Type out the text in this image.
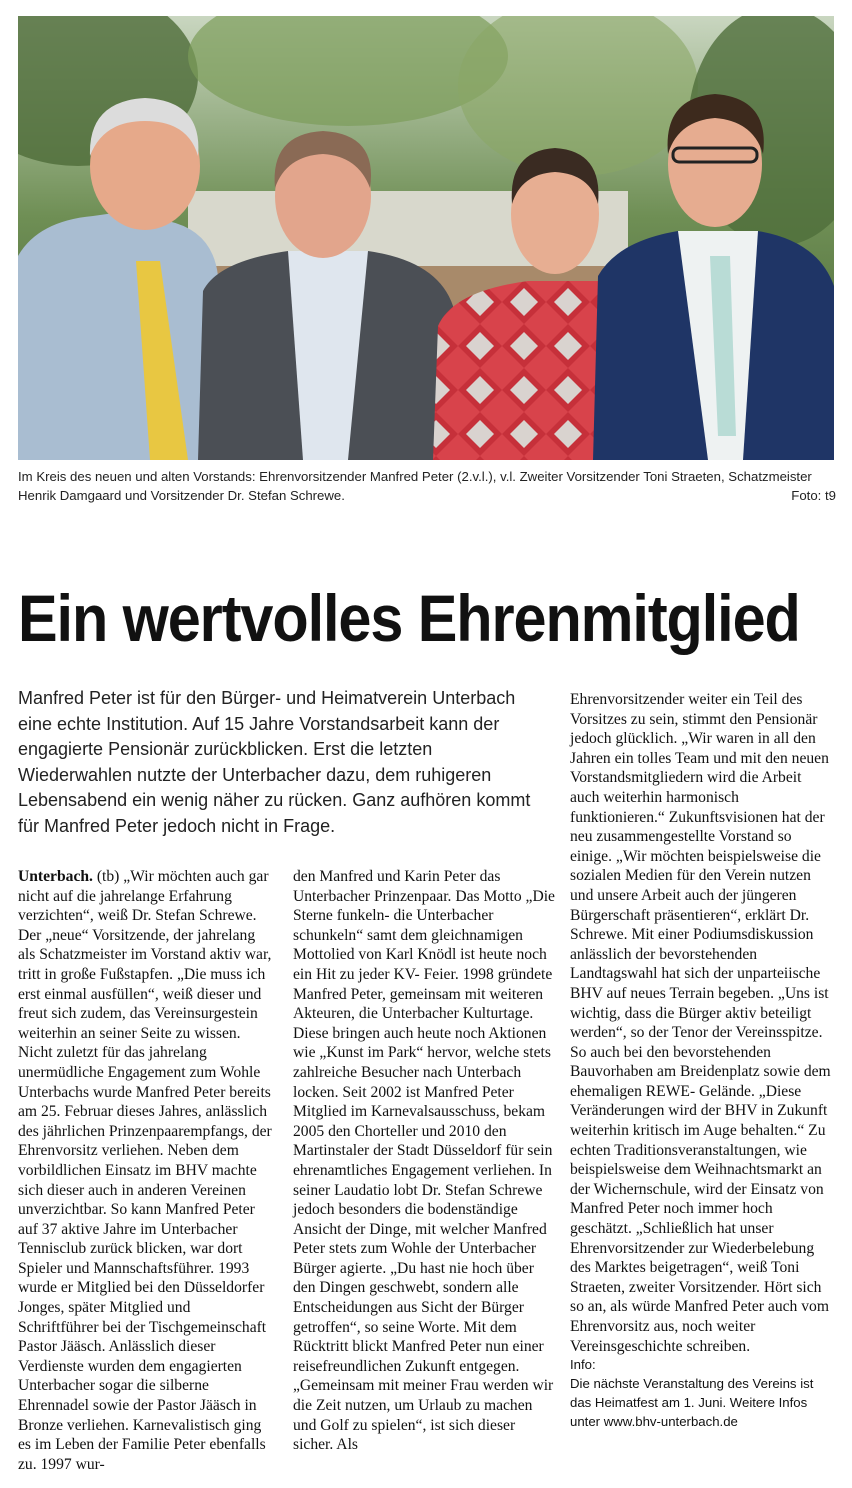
Im Kreis des neuen und alten Vorstands: Ehrenvorsitzender Manfred Peter (2.v.l.), v.l. Zweiter Vorsitzender Toni Straeten, Schatzmeister Henrik Damgaard und Vorsitzender Dr. Stefan Schrewe.	Foto: t9
Ein wertvolles Ehrenmitglied
Manfred Peter ist für den Bürger- und Heimatverein Unterbach eine echte Institution. Auf 15 Jahre Vorstandsarbeit kann der engagierte Pensionär zurückblicken. Erst die letzten Wiederwahlen nutzte der Unterbacher dazu, dem ruhigeren Lebensabend ein wenig näher zu rücken. Ganz aufhören kommt für Manfred Peter jedoch nicht in Frage.

Unterbach. (tb) „Wir möchten auch gar nicht auf die jahrelange Erfahrung verzichten“, weiß Dr. Stefan Schrewe. Der „neue“ Vorsitzende, der jahrelang als Schatzmeister im Vorstand aktiv war, tritt in große Fußstapfen. „Die muss ich erst einmal ausfüllen“, weiß dieser und freut sich zudem, das Vereinsurgestein weiterhin an seiner Seite zu wissen. Nicht zuletzt für das jahrelang unermüdliche Engagement zum Wohle Unterbachs wurde Manfred Peter bereits am 25. Februar dieses Jahres, anlässlich des jährlichen Prinzenpaarempfangs, der Ehrenvorsitz verliehen. Neben dem vorbildlichen Einsatz im BHV machte sich dieser auch in anderen Vereinen unverzichtbar. So kann Manfred Peter auf 37 aktive Jahre im Unterbacher Tennisclub zurück blicken, war dort Spieler und Mannschaftsführer. 1993 wurde er Mitglied bei den Düsseldorfer Jonges, später Mitglied und Schriftführer bei der Tischgemeinschaft Pastor Jääsch. Anlässlich dieser Verdienste wurden dem engagierten Unterbacher sogar die silberne Ehrennadel sowie der Pastor Jääsch in Bronze verliehen. Karnevalistisch ging es im Leben der Familie Peter ebenfalls zu. 1997 wur-

den Manfred und Karin Peter das Unterbacher Prinzenpaar. Das Motto „Die Sterne funkeln- die Unterbacher schunkeln“ samt dem gleichnamigen Mottolied von Karl Knödl ist heute noch ein Hit zu jeder KV- Feier. 1998 gründete Manfred Peter, gemeinsam mit weiteren Akteuren, die Unterbacher Kulturtage. Diese bringen auch heute noch Aktionen wie „Kunst im Park“ hervor, welche stets zahlreiche Besucher nach Unterbach locken. Seit 2002 ist Manfred Peter Mitglied im Karnevalsausschuss, bekam 2005 den Chorteller und 2010 den Martinstaler der Stadt Düsseldorf für sein ehrenamtliches Engagement verliehen. In seiner Laudatio lobt Dr. Stefan Schrewe jedoch besonders die bodenständige Ansicht der Dinge, mit welcher Manfred Peter stets zum Wohle der Unterbacher Bürger agierte. „Du hast nie hoch über den Dingen geschwebt, sondern alle Entscheidungen aus Sicht der Bürger getroffen“, so seine Worte. Mit dem Rücktritt blickt Manfred Peter nun einer reisefreundlichen Zukunft entgegen. „Gemeinsam mit meiner Frau werden wir die Zeit nutzen, um Urlaub zu machen und Golf zu spielen“, ist sich dieser sicher. Als

Ehrenvorsitzender weiter ein Teil des Vorsitzes zu sein, stimmt den Pensionär jedoch glücklich. „Wir waren in all den Jahren ein tolles Team und mit den neuen Vorstandsmitgliedern wird die Arbeit auch weiterhin harmonisch funktionieren.“ Zukunftsvisionen hat der neu zusammengestellte Vorstand so einige. „Wir möchten beispielsweise die sozialen Medien für den Verein nutzen und unsere Arbeit auch der jüngeren Bürgerschaft präsentieren“, erklärt Dr. Schrewe. Mit einer Podiumsdiskussion anlässlich der bevorstehenden Landtagswahl hat sich der unparteiische BHV auf neues Terrain begeben. „Uns ist wichtig, dass die Bürger aktiv beteiligt werden“, so der Tenor der Vereinsspitze. So auch bei den bevorstehenden Bauvorhaben am Breidenplatz sowie dem ehemaligen REWE- Gelände. „Diese Veränderungen wird der BHV in Zukunft weiterhin kritisch im Auge behalten.“ Zu echten Traditionsveranstaltungen, wie beispielsweise dem Weihnachtsmarkt an der Wichernschule, wird der Einsatz von Manfred Peter noch immer hoch geschätzt. „Schließlich hat unser Ehrenvorsitzender zur Wiederbelebung des Marktes beigetragen“, weiß Toni Straeten, zweiter Vorsitzender. Hört sich so an, als würde Manfred Peter auch vom Ehrenvorsitz aus, noch weiter Vereinsgeschichte schreiben.

Info:
Die nächste Veranstaltung des Vereins ist das Heimatfest am 1. Juni. Weitere Infos unter www.bhv-unterbach.de
